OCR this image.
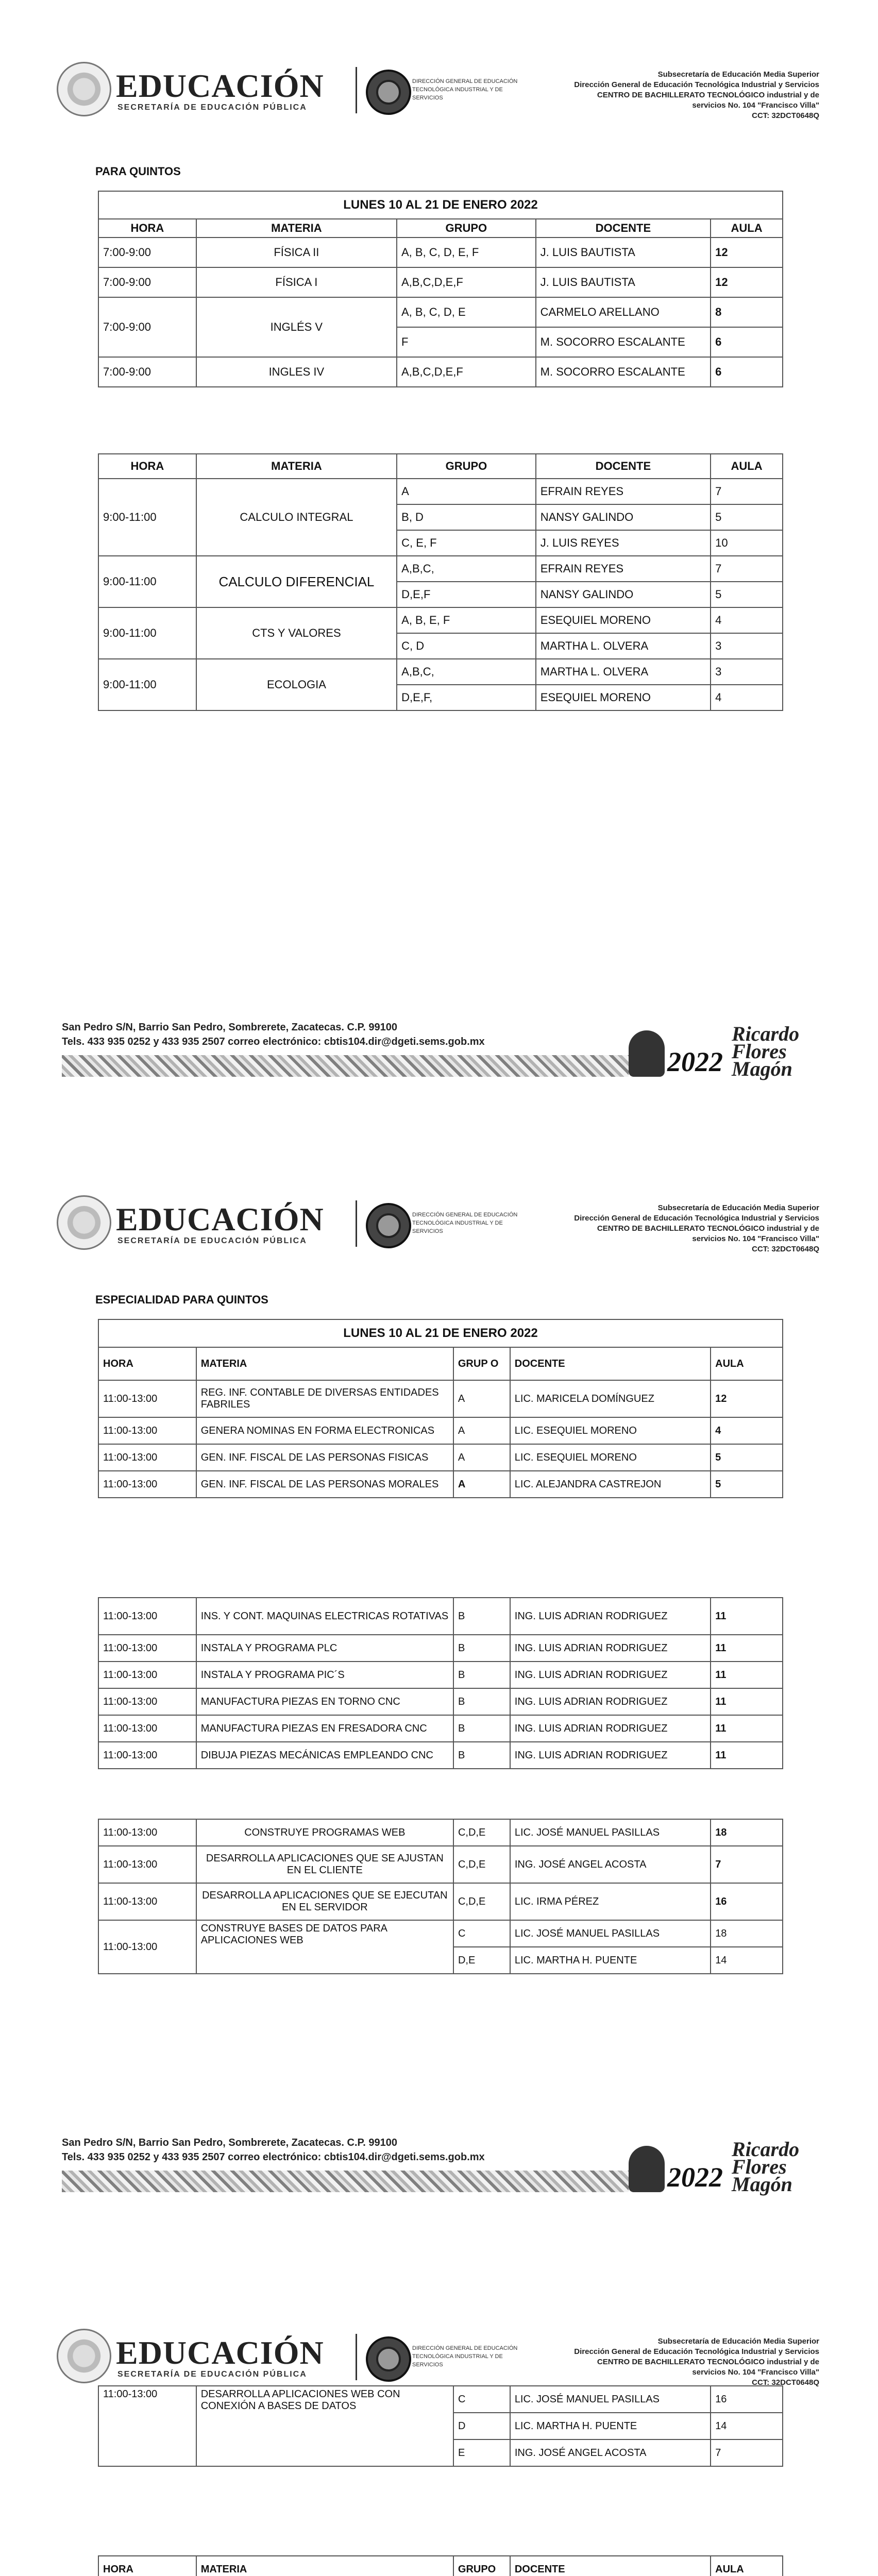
EDUCACIÓN
SECRETARÍA DE EDUCACIÓN PÚBLICA
DIRECCIÓN GENERAL DE EDUCACIÓN TECNOLÓGICA INDUSTRIAL Y DE SERVICIOS
Subsecretaría de Educación Media Superior
Dirección General de Educación Tecnológica Industrial y Servicios
CENTRO DE BACHILLERATO TECNOLÓGICO industrial y de
servicios No. 104 "Francisco Villa"
CCT: 32DCT0648Q
PARA QUINTOS
LUNES 10 AL 21 DE ENERO 2022				
HORA	MATERIA	GRUPO	DOCENTE	AULA
7:00-9:00	FÍSICA II	A, B, C, D, E, F	J. LUIS BAUTISTA	12
7:00-9:00	FÍSICA I	A,B,C,D,E,F	J. LUIS BAUTISTA	12
7:00-9:00	INGLÉS V	A, B, C, D, E	CARMELO ARELLANO	8
		F	M. SOCORRO ESCALANTE	6
7:00-9:00	INGLES IV	A,B,C,D,E,F	M. SOCORRO ESCALANTE	6
HORA	MATERIA	GRUPO	DOCENTE	AULA
9:00-11:00	CALCULO INTEGRAL	A	EFRAIN REYES	7
		B, D	NANSY GALINDO	5
		C, E, F	J. LUIS REYES	10
9:00-11:00	CALCULO DIFERENCIAL	A,B,C,	EFRAIN REYES	7
		D,E,F	NANSY GALINDO	5
9:00-11:00	CTS Y VALORES	A, B, E, F	ESEQUIEL MORENO	4
		C, D	MARTHA L. OLVERA	3
9:00-11:00	ECOLOGIA	A,B,C,	MARTHA L. OLVERA	3
		D,E,F,	ESEQUIEL MORENO	4
San Pedro S/N, Barrio San Pedro, Sombrerete, Zacatecas. C.P. 99100
Tels. 433 935 0252 y 433 935 2507 correo electrónico: cbtis104.dir@dgeti.sems.gob.mx
2022
Ricardo Flores Magón
EDUCACIÓN
SECRETARÍA DE EDUCACIÓN PÚBLICA
DIRECCIÓN GENERAL DE EDUCACIÓN TECNOLÓGICA INDUSTRIAL Y DE SERVICIOS
Subsecretaría de Educación Media Superior
Dirección General de Educación Tecnológica Industrial y Servicios
CENTRO DE BACHILLERATO TECNOLÓGICO industrial y de
servicios No. 104 "Francisco Villa"
CCT: 32DCT0648Q
ESPECIALIDAD PARA QUINTOS
LUNES 10 AL 21 DE ENERO 2022				
HORA	MATERIA	GRUP O	DOCENTE	AULA
11:00-13:00	REG. INF. CONTABLE DE DIVERSAS ENTIDADES FABRILES	A	LIC. MARICELA DOMÍNGUEZ	12
11:00-13:00	GENERA NOMINAS EN FORMA ELECTRONICAS	A	LIC. ESEQUIEL MORENO	4
11:00-13:00	GEN. INF. FISCAL DE LAS PERSONAS FISICAS	A	LIC. ESEQUIEL MORENO	5
11:00-13:00	GEN. INF. FISCAL DE LAS PERSONAS MORALES	A	LIC. ALEJANDRA CASTREJON	5
11:00-13:00	INS. Y CONT. MAQUINAS ELECTRICAS ROTATIVAS	B	ING. LUIS ADRIAN RODRIGUEZ	11
11:00-13:00	INSTALA Y PROGRAMA PLC	B	ING. LUIS ADRIAN RODRIGUEZ	11
11:00-13:00	INSTALA Y PROGRAMA PIC´S	B	ING. LUIS ADRIAN RODRIGUEZ	11
11:00-13:00	MANUFACTURA PIEZAS EN TORNO CNC	B	ING. LUIS ADRIAN RODRIGUEZ	11
11:00-13:00	MANUFACTURA PIEZAS EN FRESADORA CNC	B	ING. LUIS ADRIAN RODRIGUEZ	11
11:00-13:00	DIBUJA PIEZAS MECÁNICAS EMPLEANDO CNC	B	ING. LUIS ADRIAN RODRIGUEZ	11
11:00-13:00	CONSTRUYE PROGRAMAS WEB	C,D,E	LIC. JOSÉ MANUEL PASILLAS	18
11:00-13:00	DESARROLLA APLICACIONES QUE SE AJUSTAN EN EL CLIENTE	C,D,E	ING. JOSÉ ANGEL ACOSTA	7
11:00-13:00	DESARROLLA APLICACIONES QUE SE EJECUTAN EN EL SERVIDOR	C,D,E	LIC. IRMA PÉREZ	16
11:00-13:00	CONSTRUYE BASES DE DATOS PARA APLICACIONES WEB	C	LIC. JOSÉ MANUEL PASILLAS	18
		D,E	LIC. MARTHA H. PUENTE	14
San Pedro S/N, Barrio San Pedro, Sombrerete, Zacatecas. C.P. 99100
Tels. 433 935 0252 y 433 935 2507 correo electrónico: cbtis104.dir@dgeti.sems.gob.mx
2022
Ricardo Flores Magón
EDUCACIÓN
SECRETARÍA DE EDUCACIÓN PÚBLICA
DIRECCIÓN GENERAL DE EDUCACIÓN TECNOLÓGICA INDUSTRIAL Y DE SERVICIOS
Subsecretaría de Educación Media Superior
Dirección General de Educación Tecnológica Industrial y Servicios
CENTRO DE BACHILLERATO TECNOLÓGICO industrial y de
servicios No. 104 "Francisco Villa"
CCT: 32DCT0648Q
11:00-13:00	DESARROLLA APLICACIONES WEB CON CONEXIÓN A BASES DE DATOS	C	LIC. JOSÉ MANUEL PASILLAS	16
		D	LIC. MARTHA H. PUENTE	14
		E	ING. JOSÉ ANGEL ACOSTA	7
HORA	MATERIA	GRUPO	DOCENTE	AULA
